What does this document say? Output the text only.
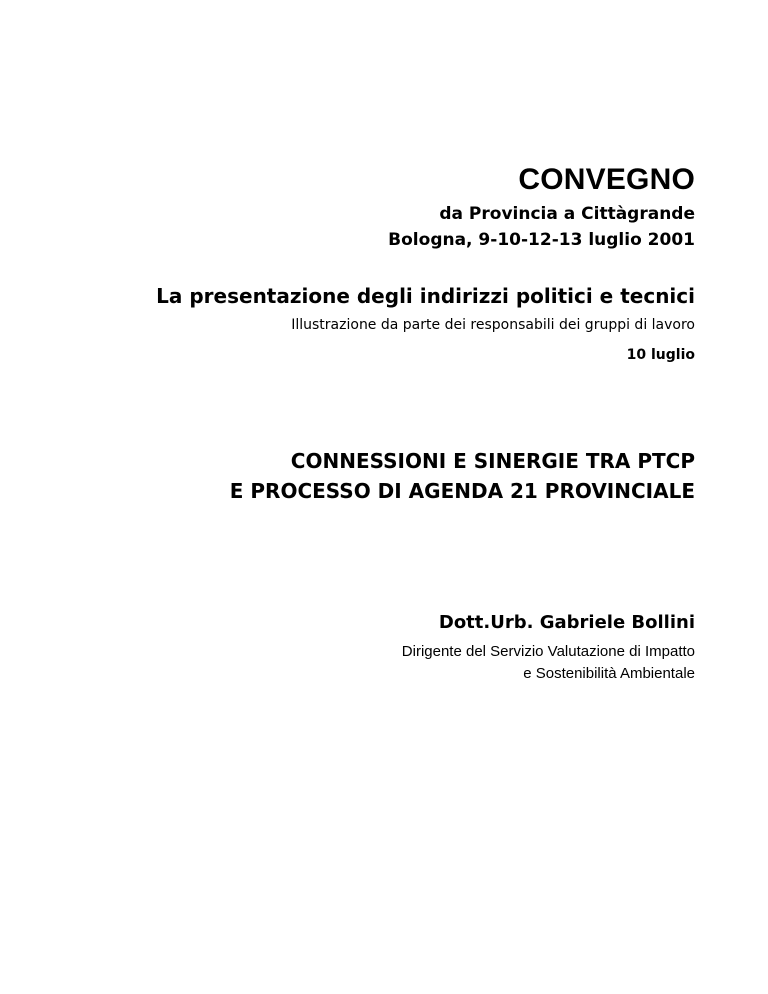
CONVEGNO
da Provincia a Cittàgrande
Bologna, 9-10-12-13 luglio 2001
La presentazione degli indirizzi politici e tecnici
Illustrazione da parte dei responsabili dei gruppi di lavoro
10 luglio
CONNESSIONI E SINERGIE TRA PTCP
E PROCESSO DI AGENDA 21 PROVINCIALE
Dott.Urb. Gabriele Bollini
Dirigente del Servizio Valutazione di Impatto
e Sostenibilità Ambientale
